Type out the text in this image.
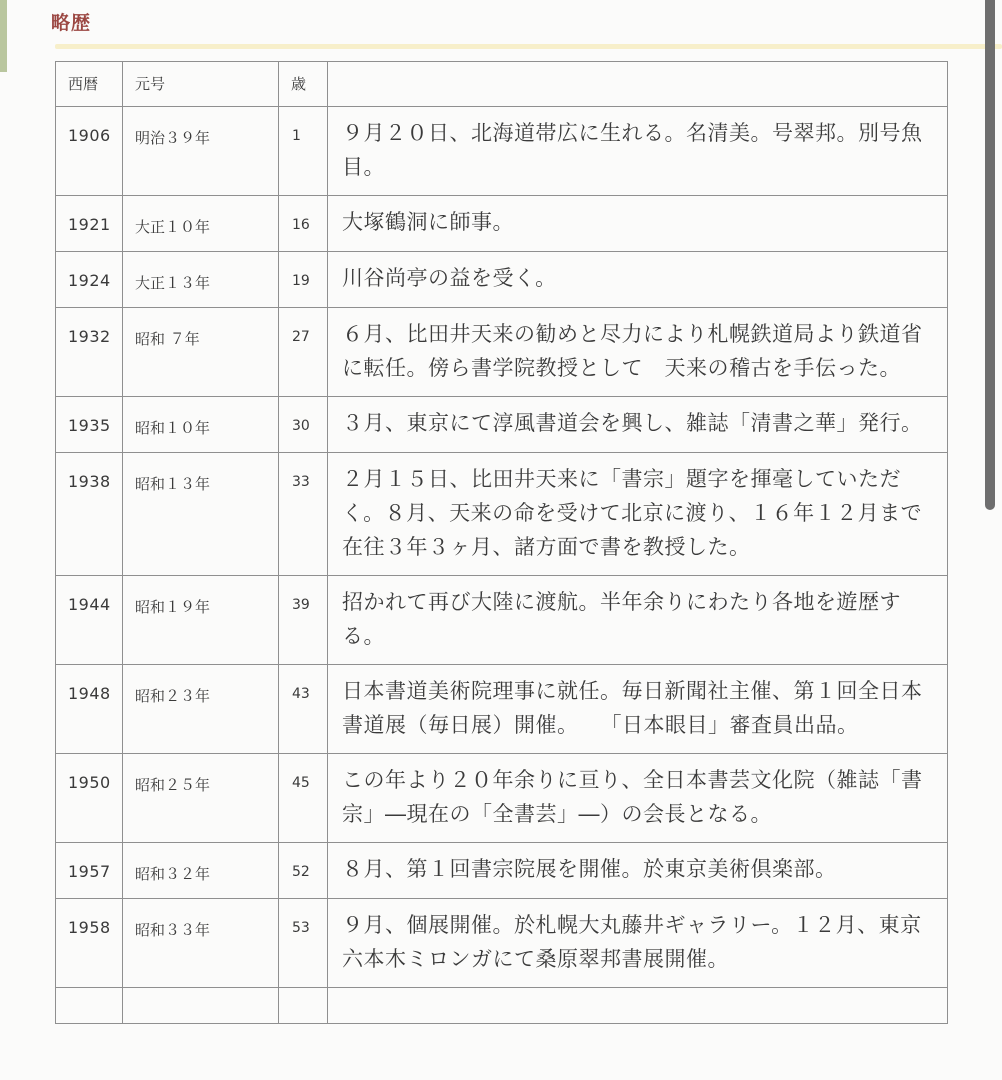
略歴
西暦	元号	歳	
1906	明治３９年	1	９月２０日、北海道帯広に生れる。名清美。号翠邦。別号魚目。
1921	大正１０年	16	大塚鶴洞に師事。
1924	大正１３年	19	川谷尚亭の益を受く。
1932	昭和 ７年	27	６月、比田井天来の勧めと尽力により札幌鉄道局より鉄道省に転任。傍ら書学院教授として　天来の稽古を手伝った。
1935	昭和１０年	30	３月、東京にて淳風書道会を興し、雑誌「清書之華」発行。
1938	昭和１３年	33	２月１５日、比田井天来に「書宗」題字を揮毫していただく。８月、天来の命を受けて北京に渡り、１６年１２月まで在往３年３ヶ月、諸方面で書を教授した。
1944	昭和１９年	39	招かれて再び大陸に渡航。半年余りにわたり各地を遊歴する。
1948	昭和２３年	43	日本書道美術院理事に就任。毎日新聞社主催、第１回全日本書道展（毎日展）開催。　　「日本眼目」審査員出品。
1950	昭和２５年	45	この年より２０年余りに亘り、全日本書芸文化院（雑誌「書宗」―現在の「全書芸」―）の会長となる。
1957	昭和３２年	52	８月、第１回書宗院展を開催。於東京美術倶楽部。
1958	昭和３３年	53	９月、個展開催。於札幌大丸藤井ギャラリー。１２月、東京六本木ミロンガにて桑原翠邦書展開催。
